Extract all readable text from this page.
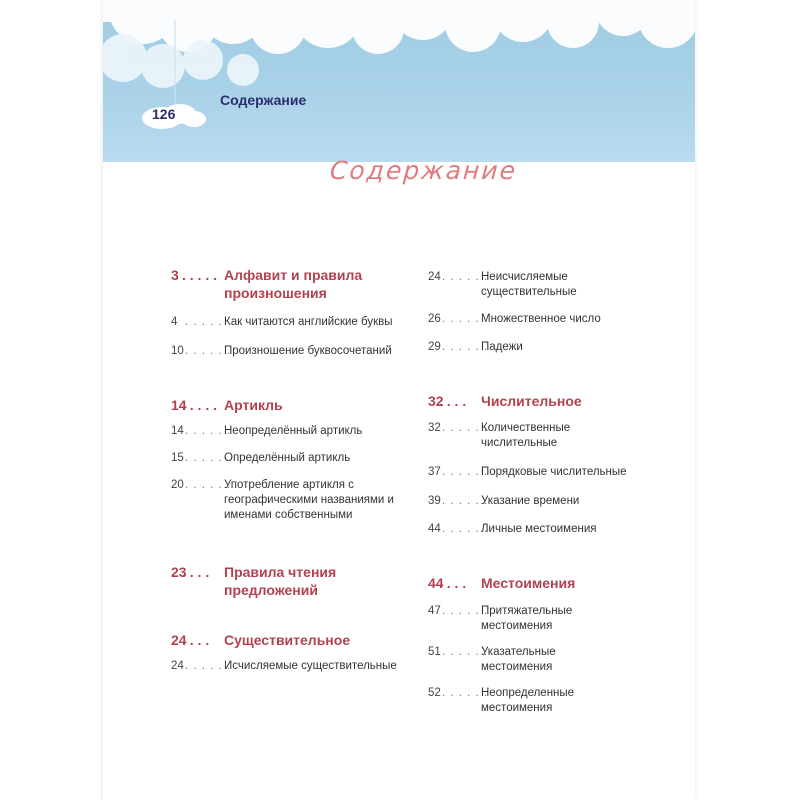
126
Содержание
Содержание
3 . . . . . Алфавит и правила произношения
4 . . . . . Как читаются английские буквы
10 . . . . . .
Произношение буквосочетаний
14
. . . . . Артикль
14 . . . . . .
Неопределённый артикль
15 . . . . . .
Определённый артикль
20 . . . . . .
Употребление артикля с географическими названиями и именами собственными
23
. . . . Правила чтения предложений
24
. . . . Существительное
24 . . . . . .
Исчисляемые существительные
24 . . . . . .
Неисчисляемые существительные
26 . . . . . .
Множественное число
29 . . . . . .
Падежи
32
. . . . Числительное
32 . . . . . .
Количественные числительные
37 . . . . . .
Порядковые числительные
39 . . . . . .
Указание времени
44 . . . . . .
Личные местоимения
44
. . . . Местоимения
47 . . . . . .
Притяжательные местоимения
51 . . . . . .
Указательные местоимения
52 . . . . . .
Неопределенные местоимения
